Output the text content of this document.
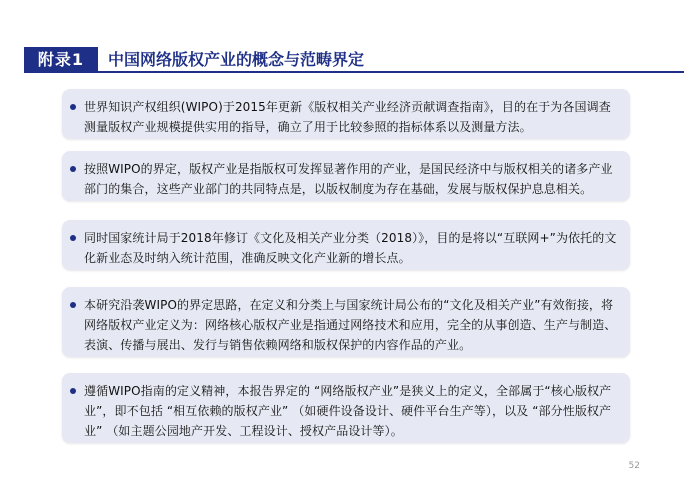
附录1	中国网络版权产业的概念与范畴界定

世界知识产权组织(WIPO)于2015年更新《版权相关产业经济贡献调查指南》，目的在于为各国调查测量版权产业规模提供实用的指导，确立了用于比较参照的指标体系以及测量方法。

按照WIPO的界定，版权产业是指版权可发挥显著作用的产业，是国民经济中与版权相关的诸多产业部门的集合，这些产业部门的共同特点是，以版权制度为存在基础，发展与版权保护息息相关。

同时国家统计局于2018年修订《文化及相关产业分类（2018）》，目的是将以“互联网+”为依托的文化新业态及时纳入统计范围，准确反映文化产业新的增长点。

本研究沿袭WIPO的界定思路，在定义和分类上与国家统计局公布的“文化及相关产业”有效衔接，将网络版权产业定义为：网络核心版权产业是指通过网络技术和应用，完全的从事创造、生产与制造、表演、传播与展出、发行与销售依赖网络和版权保护的内容作品的产业。

遵循WIPO指南的定义精神，本报告界定的 “网络版权产业”是狭义上的定义，全部属于“核心版权产业”，即不包括 “相互依赖的版权产业” （如硬件设备设计、硬件平台生产等），以及 “部分性版权产业” （如主题公园地产开发、工程设计、授权产品设计等）。

52
